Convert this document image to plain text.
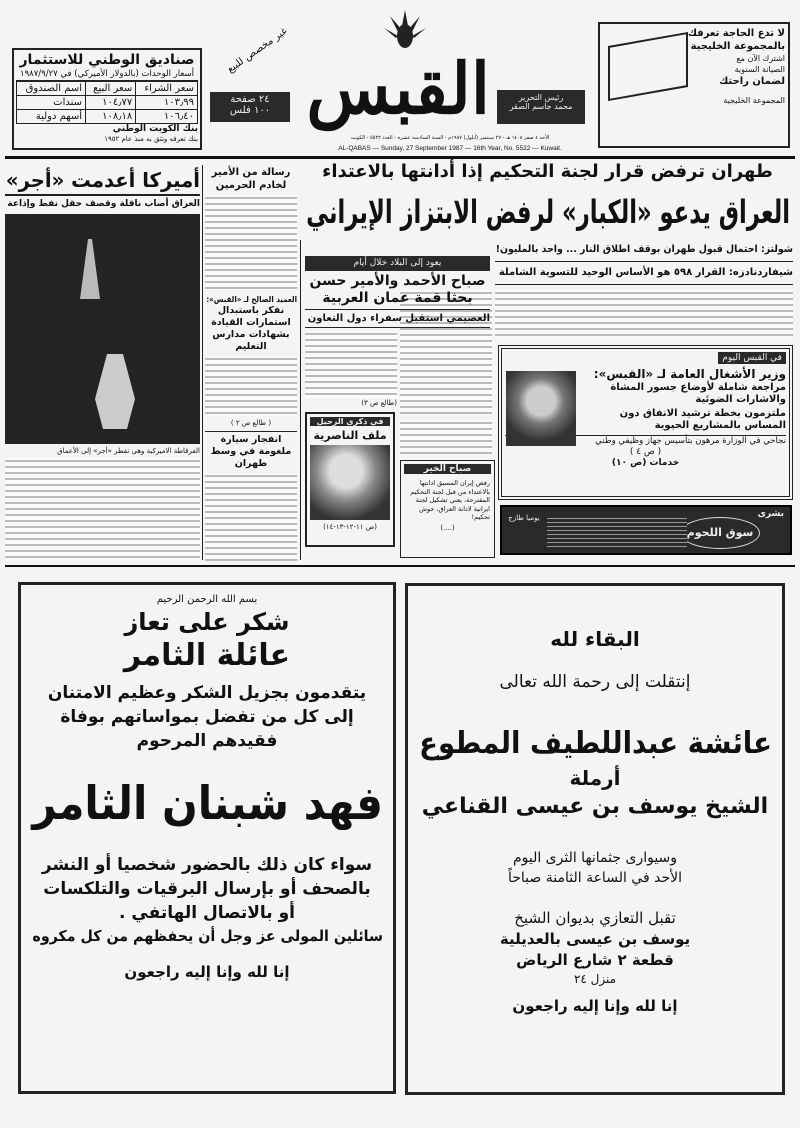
صناديق الوطني للاستثمار
أسعار الوحدات (بالدولار الأميركي) في ١٩٨٧/٩/٢٧
اسم الصندوق	سعر البيع	سعر الشراء
سندات	١٠٤٫٧٧	١٠٣٫٩٩
أسهم دولية	١٠٨٫١٨	١٠٦٫٤٠
بنك الكويت الوطني
بنك تعرفه وتثق به منذ عام ١٩٥٢
٢٤ صفحة
١٠٠ فلس
غير مخصص للبيع القبس	رئيس التحرير
محمد جاسم الصقر
الأحد ٤ صفر ١٤٠٨ هـ - ٢٧ سبتمبر (أيلول) ١٩٨٧م - السنة السادسة عشرة - العدد ٥٥٢٢ - الكويت
AL-QABAS — Sunday, 27 September 1987 — 16th Year, No. 5522 — Kuwait.
لا تدع الحاجة تعرفك
بالمجموعة الخليجية
اشترك الآن مع
الصيانة السنوية
لضمان راحتك
المجموعة الخليجية
طهران ترفض قرار لجنة التحكيم إذا أدانتها بالاعتداء
العراق يدعو «الكبار» لرفض الابتزاز الإيراني
شولتز: احتمال قبول طهران بوقف اطلاق النار ... واحد بالمليون!
شيفاردنادزه: القرار ٥٩٨ هو الأساس الوحيد للتسوية الشاملة
في القبس اليوم
وزير الأشغال العامة لـ «القبس»:
مراجعة شاملة لأوضاع جسور المشاة والاشارات الضوئية
ملتزمون بخطة ترشيد الانفاق دون المساس بالمشاريع الحيوية
نجاحي في الوزارة مرهون بتأسيس جهاز وظيفي وطني
( ص ٤ )
خدمات (ص ١٠)
بشرى
سوق اللحوم
يوميا طازج
أميركا أعدمت «أجر»
العراق أصاب ناقلة وقصف حقل نفط وإذاعة
الفرقاطة الاميركية وهي تقطر «أجر» إلى الأعماق
رسالة من الأمير لخادم الحرمين
العميد الصالح لـ «القبس»:
نفكر باستبدال استمارات القيادة بشهادات مدارس التعليم
( طالع ص ٢ )
انفجار سيارة ملغومة في وسط طهران
يعود إلى البلاد خلال أيام
صباح الأحمد والأمير حسن بحثا قمة عمان العربية
العصيمي استقبل سفراء دول التعاون
(طالع ص ٣)
في ذكرى الرحيل
ملف الناصرية
(ص ١١-١٢-١٣-١٤)
صباح الخير
رفض إيران المسبق ادانتها بالاعتداء من قبل لجنة التحكيم المقترحة، يعني تشكيل لجنة ايرانية لادانة العراق، خوش تحكيم!
(....)
بسم الله الرحمن الرحيم
شكر على تعاز
عائلة الثامر
يتقدمون بجزيل الشكر وعظيم الامتنان
إلى كل من تفضل بمواساتهم بوفاة
فقيدهم المرحوم
فهد شبنان الثامر
سواء كان ذلك بالحضور شخصيا أو النشر
بالصحف أو بإرسال البرقيات والتلكسات
أو بالاتصال الهاتفي .
سائلين المولى عز وجل أن يحفظهم من كل مكروه
إنا لله وإنا إليه راجعون
البقاء لله
إنتقلت إلى رحمة الله تعالى
عائشة عبداللطيف المطوع
أرملة
الشيخ يوسف بن عيسى القناعي
وسيوارى جثمانها الثرى اليوم
الأحد في الساعة الثامنة صباحاً
تقبل التعازي بديوان الشيخ
يوسف بن عيسى بالعديلية
قطعة ٢ شارع الرياض
منزل ٢٤
إنا لله وإنا إليه راجعون
